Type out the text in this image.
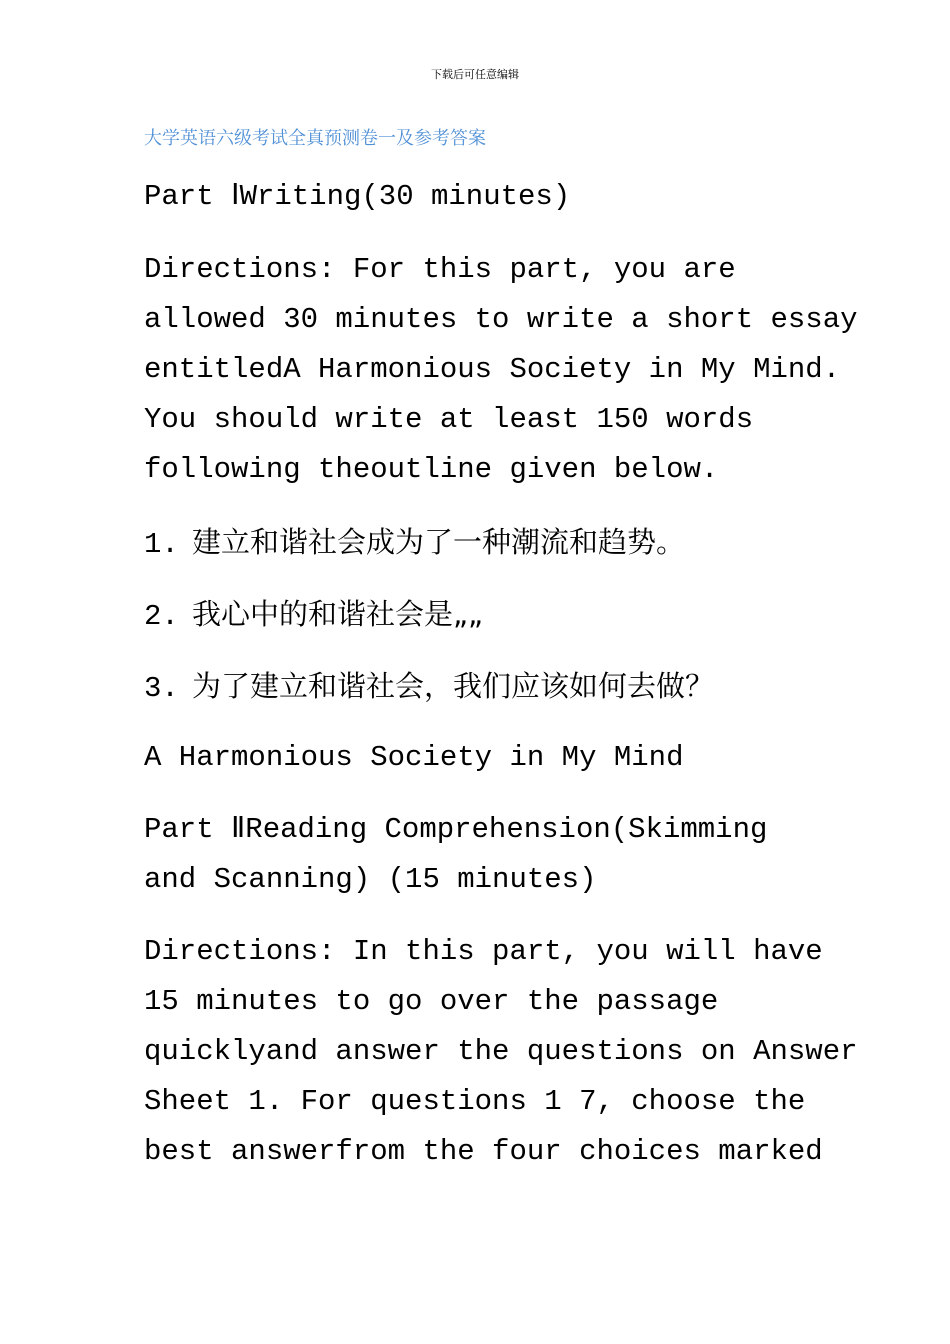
下载后可任意编辑
大学英语六级考试全真预测卷一及参考答案
Part ⅠWriting(30 minutes)
Directions: For this part, you are
allowed 30 minutes to write a short essay
entitledA Harmonious Society in My Mind.
You should write at least 150 words
following theoutline given below.
1. 建立和谐社会成为了一种潮流和趋势。
2. 我心中的和谐社会是„„
3. 为了建立和谐社会，我们应该如何去做？
A Harmonious Society in My Mind
Part ⅡReading Comprehension(Skimming
and Scanning) (15 minutes)
Directions: In this part, you will have
15 minutes to go over the passage
quicklyand answer the questions on Answer
Sheet 1. For questions 1 7, choose the
best answerfrom the four choices marked
